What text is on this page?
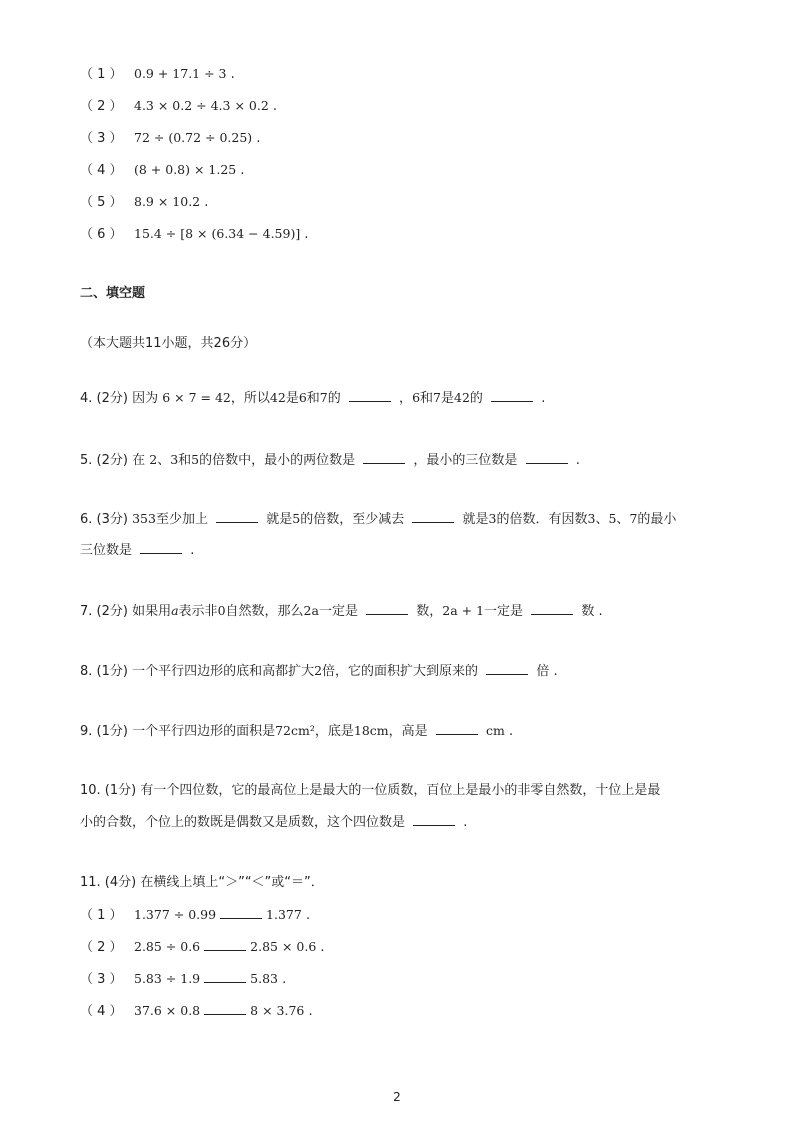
（ 1 ） 0.9 + 17.1 ÷ 3 .
（ 2 ） 4.3 × 0.2 ÷ 4.3 × 0.2 .
（ 3 ） 72 ÷ (0.72 ÷ 0.25) .
（ 4 ） (8 + 0.8) × 1.25 .
（ 5 ） 8.9 × 10.2 .
（ 6 ） 15.4 ÷ [8 × (6.34 − 4.59)] .
二、填空题
（本大题共11小题，共26分）
4. (2分) 因为 6 × 7 = 42，所以42是6和7的	，6和7是42的	.
5. (2分) 在 2、3和5的倍数中，最小的两位数是	，最小的三位数是	.
6. (3分) 353至少加上	就是5的倍数，至少减去	就是3的倍数．有因数3、5、7的最小
三位数是	.
7. (2分) 如果用a表示非0自然数，那么2a一定是	数，2a + 1一定是	数 .
8. (1分) 一个平行四边形的底和高都扩大2倍，它的面积扩大到原来的	倍 .
9. (1分) 一个平行四边形的面积是72cm²，底是18cm，高是	cm .
10. (1分) 有一个四位数，它的最高位上是最大的一位质数，百位上是最小的非零自然数，十位上是最
小的合数，个位上的数既是偶数又是质数，这个四位数是	.
11. (4分) 在横线上填上“＞”“＜”或“＝”．
（ 1 ） 1.377 ÷ 0.99	1.377 .
（ 2 ） 2.85 ÷ 0.6	2.85 × 0.6 .
（ 3 ） 5.83 ÷ 1.9	5.83 .
（ 4 ） 37.6 × 0.8	8 × 3.76 .
2
